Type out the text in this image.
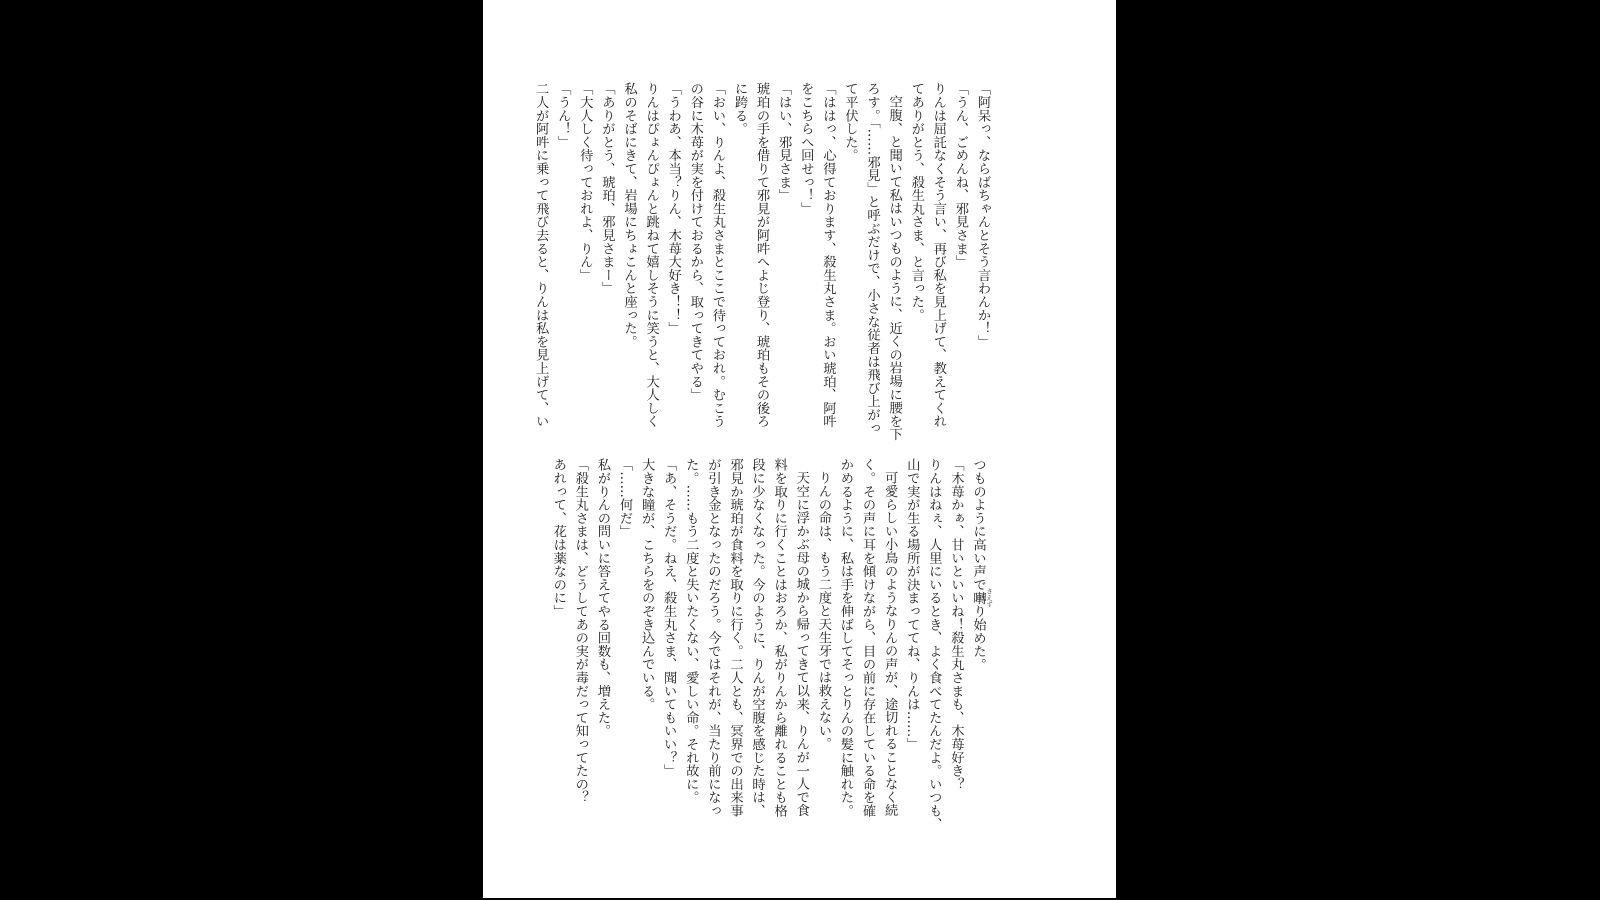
「阿呆っ、ならばちゃんとそう言わんか！」
「うん、ごめんね、邪見さま」
りんは屈託なくそう言い、再び私を見上げて、教えてくれ
てありがとう、殺生丸さま、と言った。
空腹、と聞いて私はいつものように、近くの岩場に腰を下
ろす。「……邪見」と呼ぶだけで、小さな従者は飛び上がっ
て平伏した。
「ははっ、心得ております、殺生丸さま。おい琥珀、阿吽
をこちらへ回せっ！」
「はい、邪見さま」
琥珀の手を借りて邪見が阿吽へよじ登り、琥珀もその後ろ
に跨る。
「おい、りんよ、殺生丸さまとここで待っておれ。むこう
の谷に木苺が実を付けておるから、取ってきてやる」
「うわあ、本当？りん、木苺大好き！！」
りんはぴょんぴょんと跳ねて嬉しそうに笑うと、大人しく
私のそばにきて、岩場にちょこんと座った。
「ありがとう、琥珀、邪見さまー」
「大人しく待っておれよ、りん」
「うん！」
二人が阿吽に乗って飛び去ると、りんは私を見上げて、い
つものように高い声で囀 さえずり始めた。
「木苺かぁ、甘いといいね！殺生丸さまも、木苺好き？
りんはねぇ、人里にいるとき、よく食べてたんだよ。いつも、
山で実が生る場所が決まっててね、りんは……」
可愛らしい小鳥のようなりんの声が、途切れることなく続
く。その声に耳を傾けながら、目の前に存在している命を確
かめるように、私は手を伸ばしてそっとりんの髪に触れた。
りんの命は、もう二度と天生牙では救えない。
天空に浮かぶ母の城から帰ってきて以来、りんが一人で食
料を取りに行くことはおろか、私がりんから離れることも格
段に少なくなった。今のように、りんが空腹を感じた時は、
邪見か琥珀が食料を取りに行く。二人とも、冥界での出来事
が引き金となったのだろう。今ではそれが、当たり前になっ
た。……もう二度と失いたくない、愛しい命。それ故に。
「あ、そうだ。ねえ、殺生丸さま、聞いてもいい？」
大きな瞳が、こちらをのぞき込んでいる。
「……何だ」
私がりんの問いに答えてやる回数も、増えた。
「殺生丸さまは、どうしてあの実が毒だって知ってたの？
あれって、花は薬なのに」
